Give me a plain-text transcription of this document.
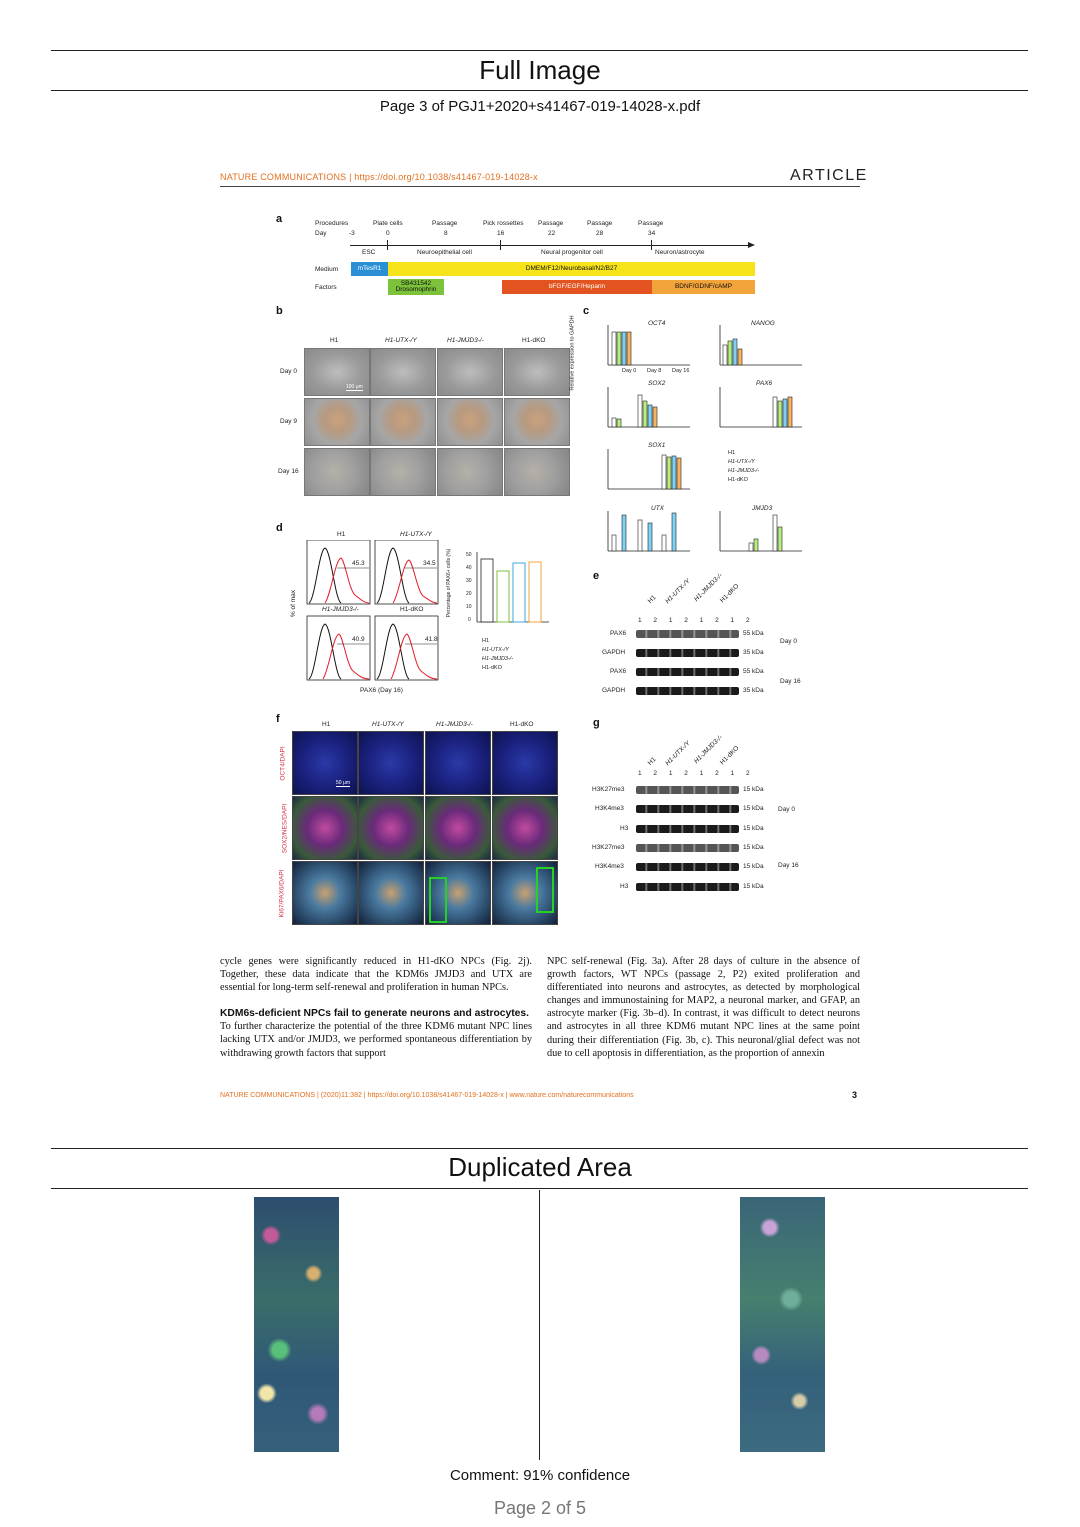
Full Image
Page 3 of PGJ1+2020+s41467-019-14028-x.pdf
NATURE COMMUNICATIONS | https://doi.org/10.1038/s41467-019-14028-x	ARTICLE
a	Procedures
Day
Plate cells	Passage	Pick rossettes Passage	Passage	Passage
-3	0	8	16	22	28	34
ESC	Neuroepithelial cell	Neural progenitor cell	Neuron/astrocyte
Medium	mTesR1	DMEM/F12/Neurobasal/N2/B27
Factors
SB431542
Drosomophrin	bFGF/EGF/Heparin	BDNF/GDNF/cAMP
b
H1	H1-UTX-/Y	H1-JMJD3-/-	H1-dKO
Day 0
Day 9
Day 16
100 μm
c
OCT4	NANOG
SOX2	PAX6
SOX1
UTX	JMJD3
Relative expression to GAPDH	Day 0 Day 8 Day 16
H1
H1-UTX-/Y
H1-JMJD3-/-
H1-dKO
d
H1	H1-UTX-/Y
H1-JMJD3-/-	H1-dKO
45.3	34.5
40.9	41.8
% of max
PAX6 (Day 16)
Percentage of PAX6+ cells (%)	50
40
30
20
10
0
H1
H1-UTX-/Y
H1-JMJD3-/-
H1-dKO
e
H1 H1-UTX-/Y H1-JMJD3-/-
H1-dKO
1 2 1 2 1 2 1 2
PAX6	55 kDa
GAPDH	35 kDa
Day 0
PAX6	55 kDa
GAPDH	35 kDa
Day 16
f	H1	H1-UTX-/Y	H1-JMJD3-/-	H1-dKO
OCT4/DAPI
SOX2/NES/DAPI
Ki67/PAX6/DAPI
50 μm
g
H1 H1-UTX-/Y H1-JMJD3-/-
H1-dKO
1 2 1 2 1 2 1 2
H3K27me3	15 kDa
H3K4me3	15 kDa Day 0
H3	15 kDa
H3K27me3	15 kDa
H3K4me3	15 kDa Day 16
H3	15 kDa
cycle genes were significantly reduced in H1-dKO NPCs (Fig. 2j). Together, these data indicate that the KDM6s JMJD3 and UTX are essential for long-term self-renewal and proliferation in human NPCs.
KDM6s-deficient NPCs fail to generate neurons and astrocytes.
To further characterize the potential of the three KDM6 mutant NPC lines lacking UTX and/or JMJD3, we performed spontaneous differentiation by withdrawing growth factors that support
NPC self-renewal (Fig. 3a). After 28 days of culture in the absence of growth factors, WT NPCs (passage 2, P2) exited proliferation and differentiated into neurons and astrocytes, as detected by morphological changes and immunostaining for MAP2, a neuronal marker, and GFAP, an astrocyte marker (Fig. 3b–d). In contrast, it was difficult to detect neurons and astrocytes in all three KDM6 mutant NPC lines at the same point during their differentiation (Fig. 3b, c). This neuronal/glial defect was not due to cell apoptosis in differentiation, as the proportion of annexin
NATURE COMMUNICATIONS | (2020)11:382 | https://doi.org/10.1038/s41467-019-14028-x | www.nature.com/naturecommunications	3
Duplicated Area
Comment: 91% confidence
Page 2 of 5
